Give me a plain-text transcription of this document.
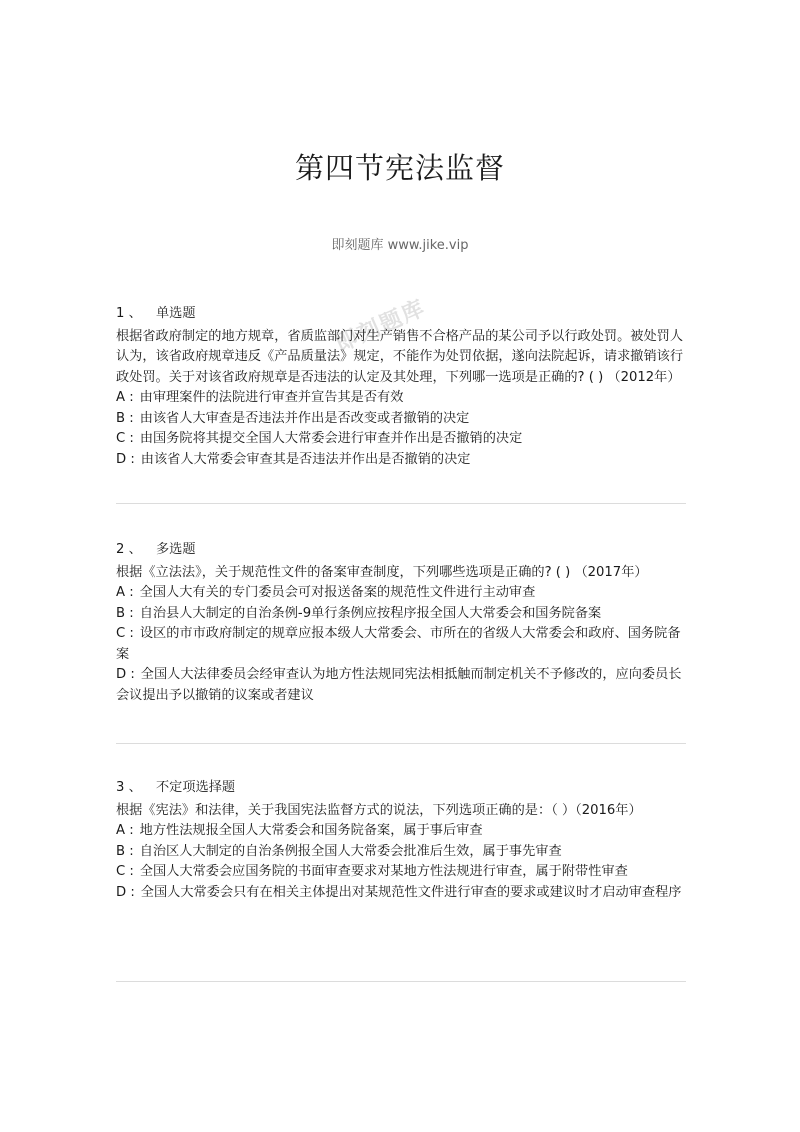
第四节宪法监督
即刻题库 www.jike.vip
即刻题库
1 、 单选题
根据省政府制定的地方规章，省质监部门对生产销售不合格产品的某公司予以行政处罚。被处罚人认为，该省政府规章违反《产品质量法》规定，不能作为处罚依据，遂向法院起诉，请求撤销该行政处罚。关于对该省政府规章是否违法的认定及其处理，下列哪一选项是正确的? ( ) （2012年）
A : 由审理案件的法院进行审查并宣告其是否有效
B : 由该省人大审查是否违法并作出是否改变或者撤销的决定
C : 由国务院将其提交全国人大常委会进行审查并作出是否撤销的决定
D : 由该省人大常委会审查其是否违法并作出是否撤销的决定
2 、 多选题
根据《立法法》，关于规范性文件的备案审查制度，下列哪些选项是正确的? ( ) （2017年）
A : 全国人大有关的专门委员会可对报送备案的规范性文件进行主动审查
B : 自治县人大制定的自治条例-9单行条例应按程序报全国人大常委会和国务院备案
C : 设区的市市政府制定的规章应报本级人大常委会、市所在的省级人大常委会和政府、国务院备案
D : 全国人大法律委员会经审查认为地方性法规同宪法相抵触而制定机关不予修改的，应向委员长会议提出予以撤销的议案或者建议
3 、 不定项选择题
根据《宪法》和法律，关于我国宪法监督方式的说法，下列选项正确的是：（ ）（2016年）
A : 地方性法规报全国人大常委会和国务院备案，属于事后审查
B : 自治区人大制定的自治条例报全国人大常委会批准后生效，属于事先审查
C : 全国人大常委会应国务院的书面审查要求对某地方性法规进行审查，属于附带性审查
D : 全国人大常委会只有在相关主体提出对某规范性文件进行审查的要求或建议时才启动审查程序
